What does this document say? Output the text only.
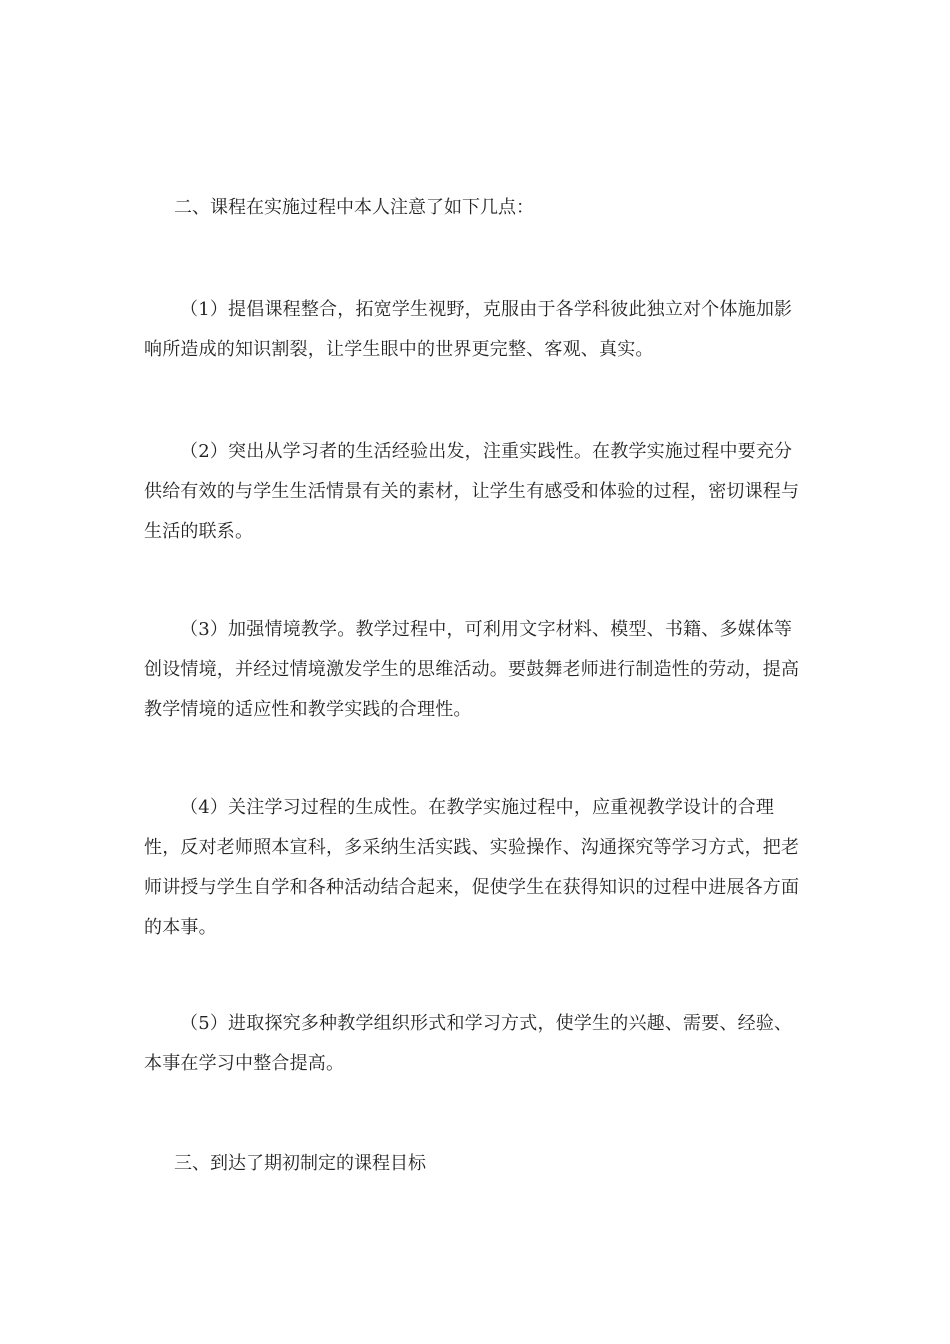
二、课程在实施过程中本人注意了如下几点：

（1）提倡课程整合，拓宽学生视野，克服由于各学科彼此独立对个体施加影响所造成的知识割裂，让学生眼中的世界更完整、客观、真实。

（2）突出从学习者的生活经验出发，注重实践性。在教学实施过程中要充分供给有效的与学生生活情景有关的素材，让学生有感受和体验的过程，密切课程与生活的联系。

（3）加强情境教学。教学过程中，可利用文字材料、模型、书籍、多媒体等创设情境，并经过情境激发学生的思维活动。要鼓舞老师进行制造性的劳动，提高教学情境的适应性和教学实践的合理性。

（4）关注学习过程的生成性。在教学实施过程中，应重视教学设计的合理性，反对老师照本宣科，多采纳生活实践、实验操作、沟通探究等学习方式，把老师讲授与学生自学和各种活动结合起来，促使学生在获得知识的过程中进展各方面的本事。

（5）进取探究多种教学组织形式和学习方式，使学生的兴趣、需要、经验、本事在学习中整合提高。

三、到达了期初制定的课程目标
